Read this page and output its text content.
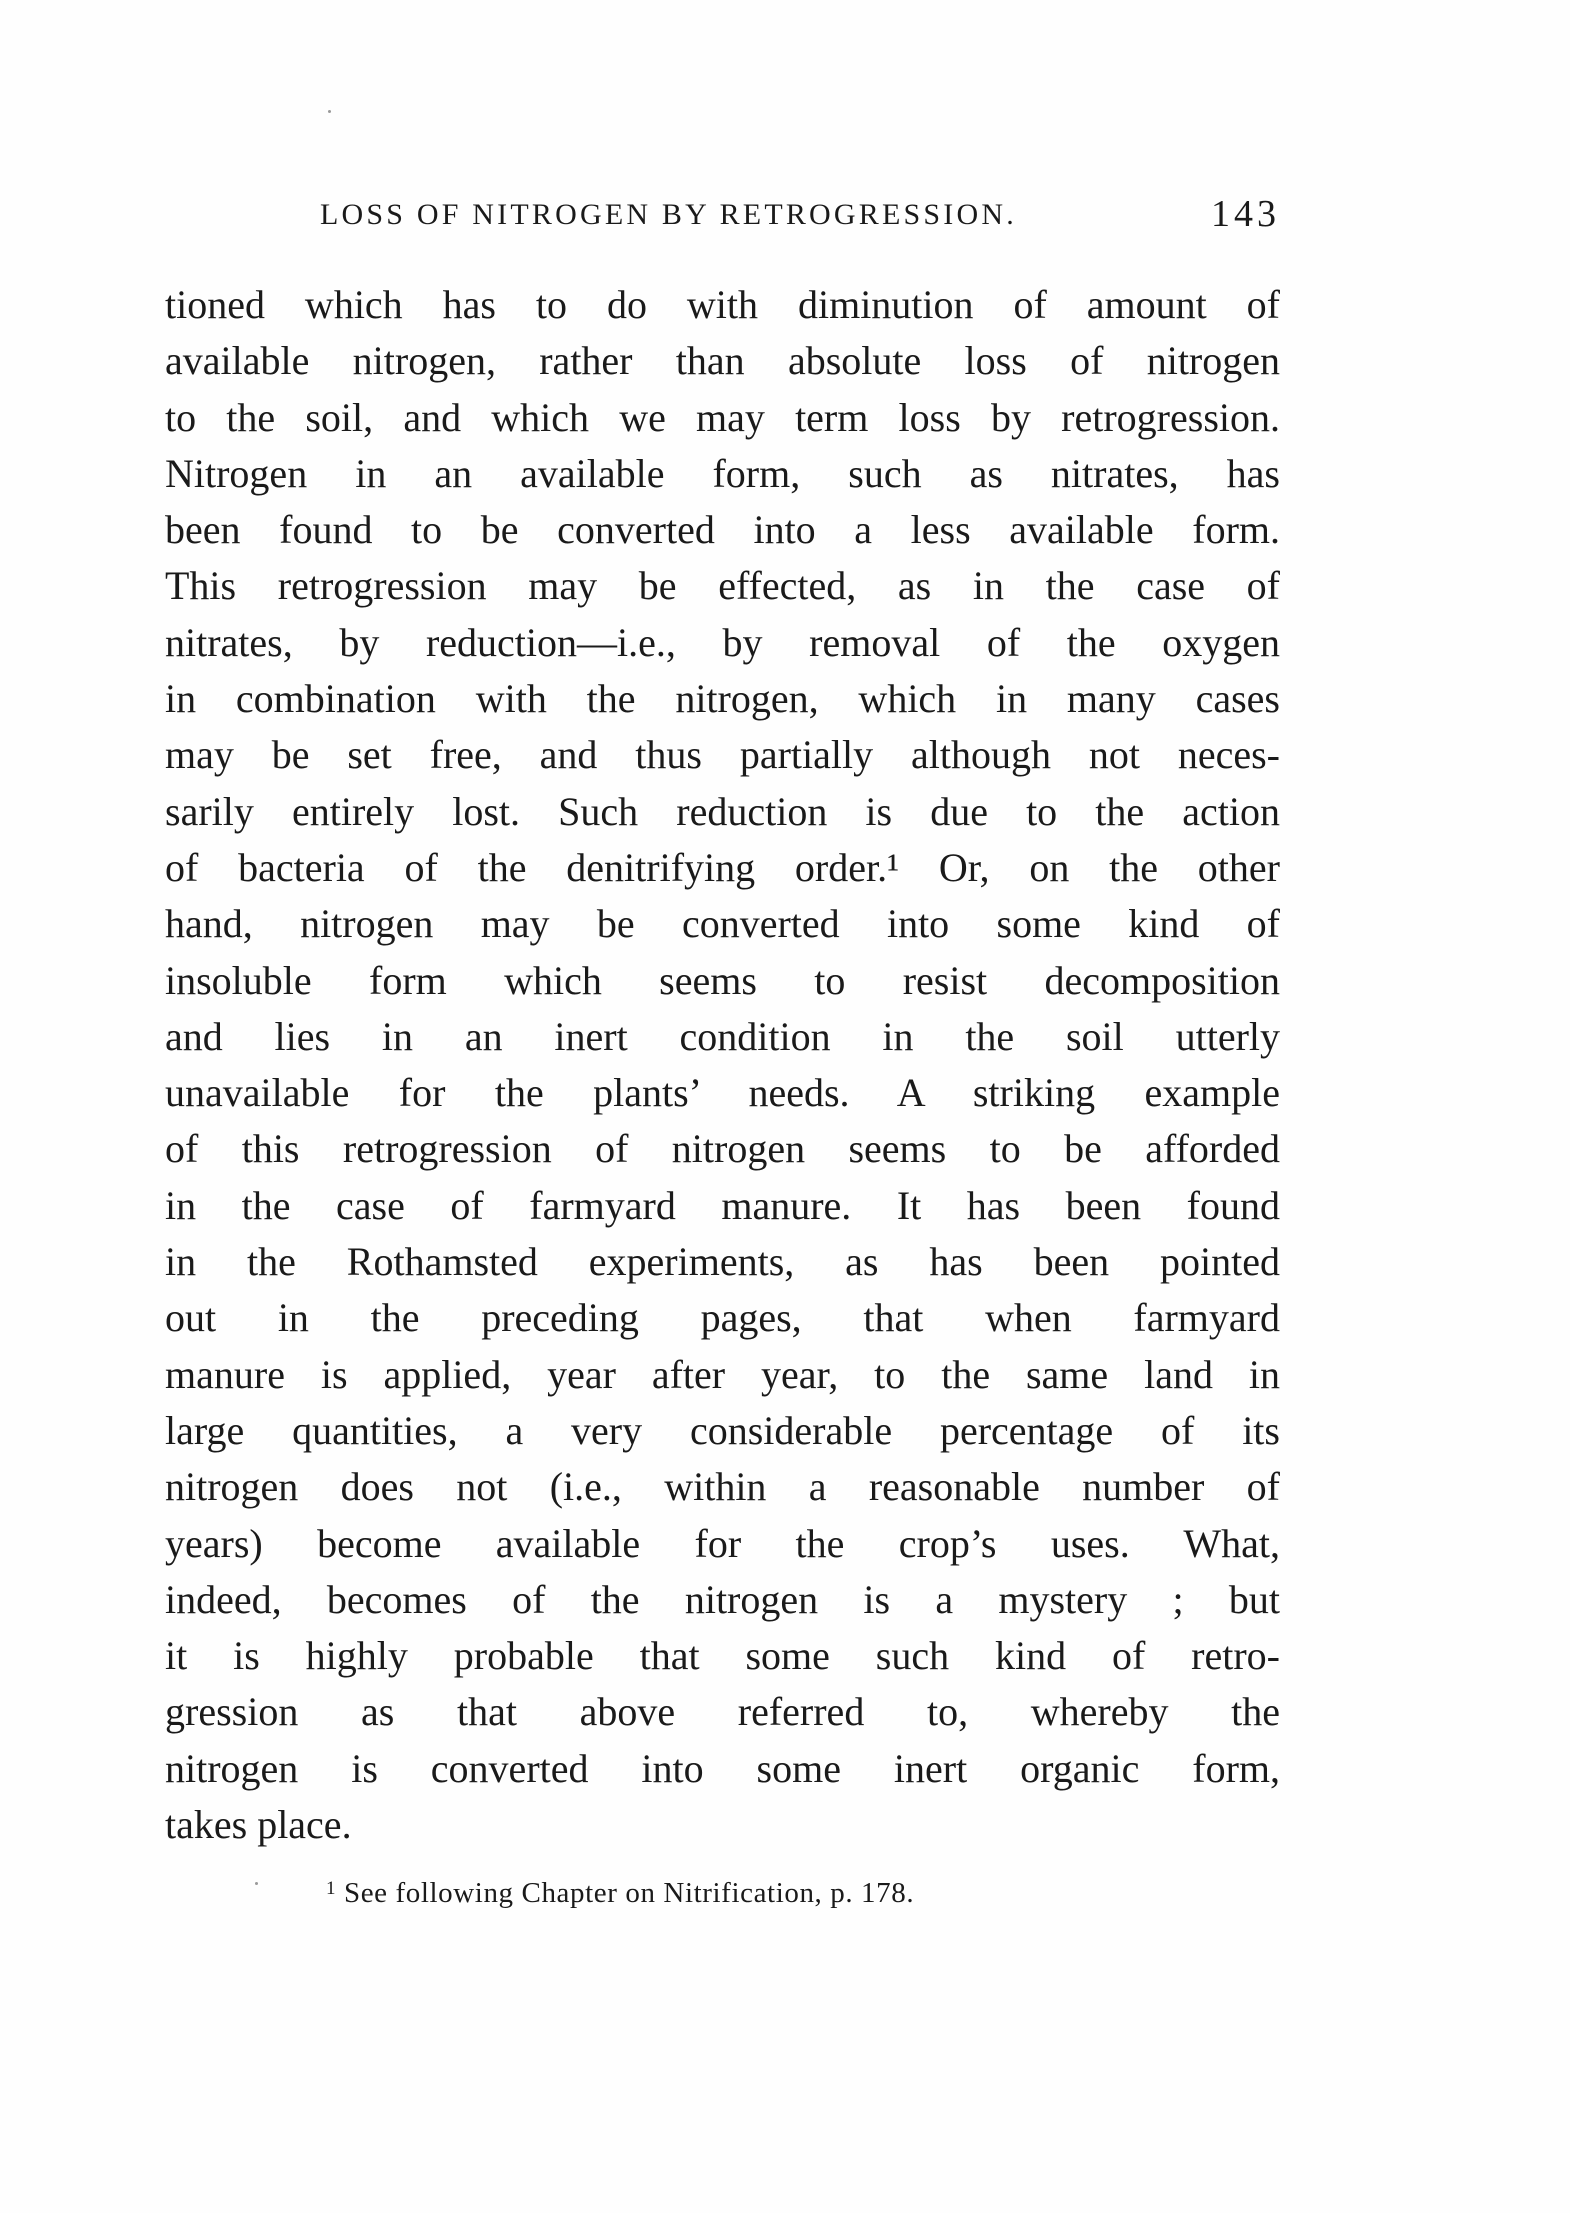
LOSS OF NITROGEN BY RETROGRESSION.	143
tioned which has to do with diminution of amount of
available nitrogen, rather than absolute loss of nitrogen
to the soil, and which we may term loss by retrogression.
Nitrogen in an available form, such as nitrates, has
been found to be converted into a less available form.
This retrogression may be effected, as in the case of
nitrates, by reduction—i.e., by removal of the oxygen
in combination with the nitrogen, which in many cases
may be set free, and thus partially although not neces-
sarily entirely lost. Such reduction is due to the action
of bacteria of the denitrifying order.¹ Or, on the other
hand, nitrogen may be converted into some kind of
insoluble form which seems to resist decomposition
and lies in an inert condition in the soil utterly
unavailable for the plants’ needs. A striking example
of this retrogression of nitrogen seems to be afforded
in the case of farmyard manure. It has been found
in the Rothamsted experiments, as has been pointed
out in the preceding pages, that when farmyard
manure is applied, year after year, to the same land in
large quantities, a very considerable percentage of its
nitrogen does not (i.e., within a reasonable number of
years) become available for the crop’s uses. What,
indeed, becomes of the nitrogen is a mystery ; but
it is highly probable that some such kind of retro-
gression as that above referred to, whereby the
nitrogen is converted into some inert organic form,
takes place.
$^1$ See following Chapter on Nitrification, p. 178.
